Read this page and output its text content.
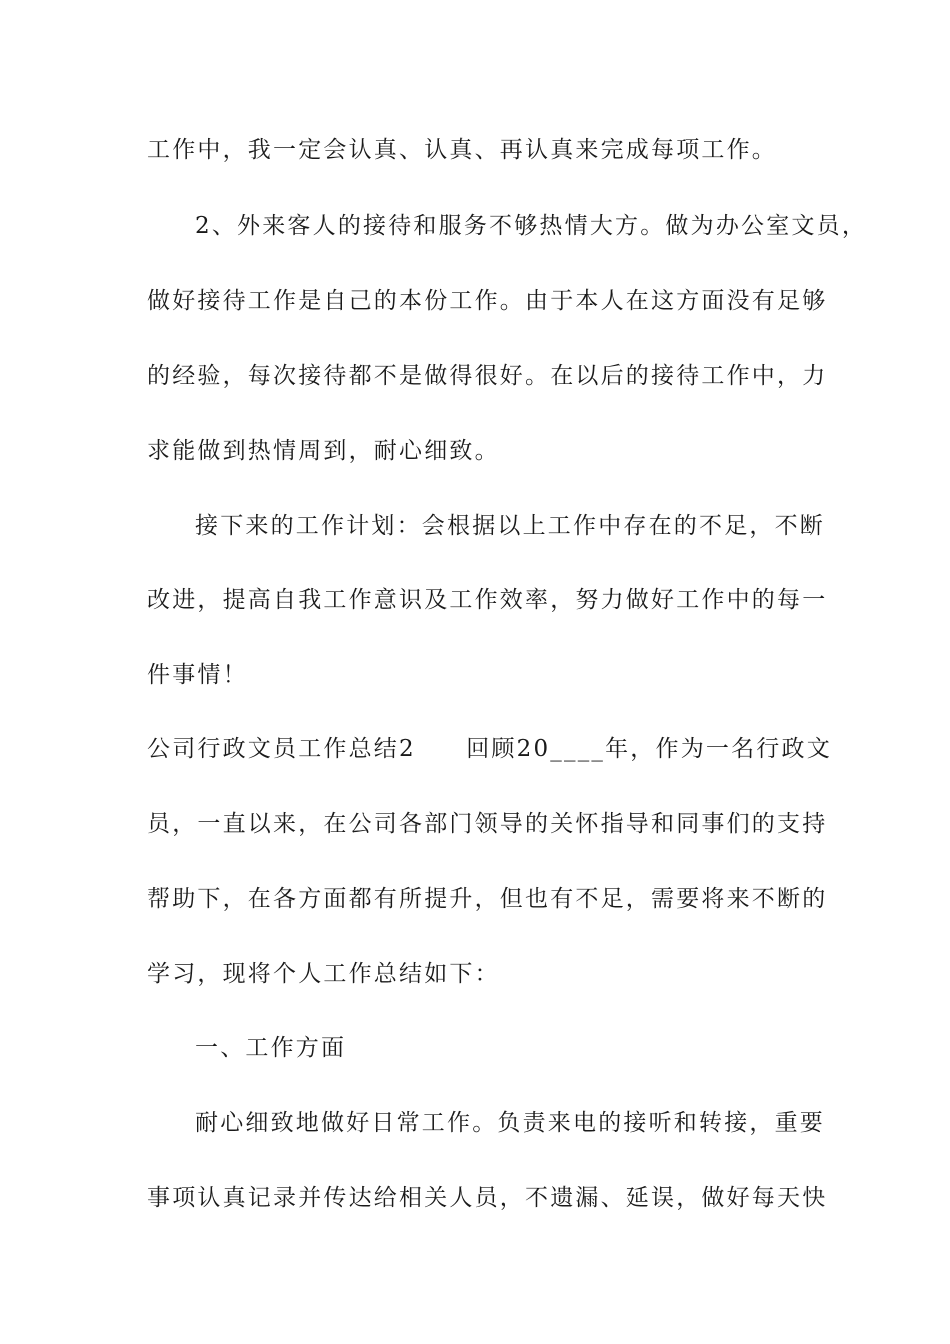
工作中，我一定会认真、认真、再认真来完成每项工作。
2、外来客人的接待和服务不够热情大方。做为办公室文员，
做好接待工作是自己的本份工作。由于本人在这方面没有足够
的经验，每次接待都不是做得很好。在以后的接待工作中，力
求能做到热情周到，耐心细致。
接下来的工作计划：会根据以上工作中存在的不足，不断
改进，提高自我工作意识及工作效率，努力做好工作中的每一
件事情！
公司行政文员工作总结2　　回顾20____年，作为一名行政文
员，一直以来，在公司各部门领导的关怀指导和同事们的支持
帮助下，在各方面都有所提升，但也有不足，需要将来不断的
学习，现将个人工作总结如下：
一、工作方面
耐心细致地做好日常工作。负责来电的接听和转接，重要
事项认真记录并传达给相关人员，不遗漏、延误，做好每天快
